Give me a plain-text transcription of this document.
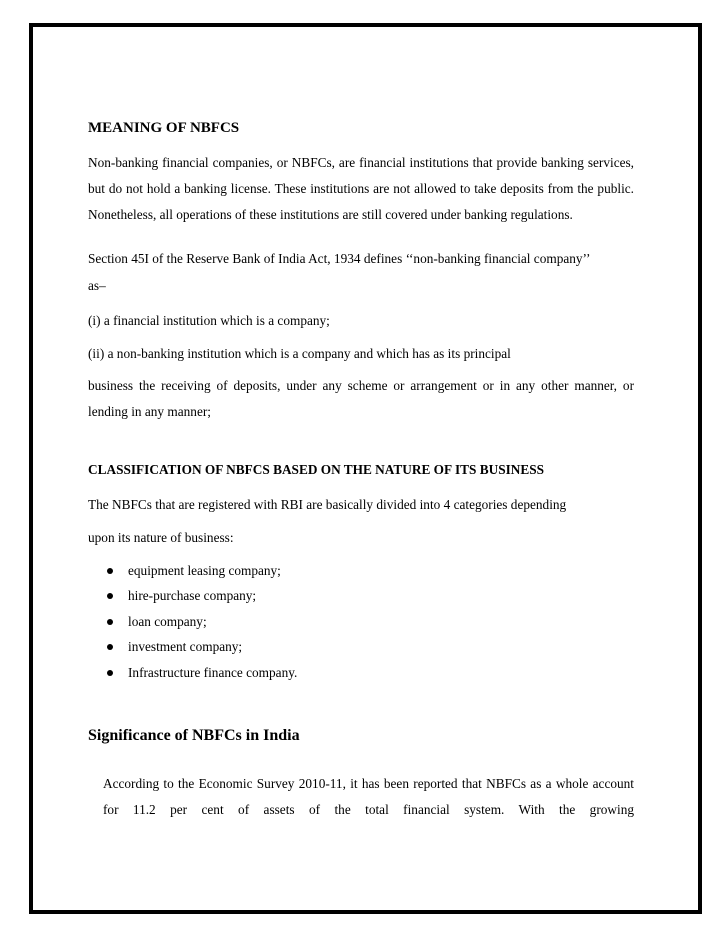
MEANING OF NBFCS

Non-banking financial companies, or NBFCs, are financial institutions that provide banking services, but do not hold a banking license. These institutions are not allowed to take deposits from the public. Nonetheless, all operations of these institutions are still covered under banking regulations.

Section 45I of the Reserve Bank of India Act, 1934 defines ‘‘non-banking financial company’’

as–

(i) a financial institution which is a company;

(ii) a non-banking institution which is a company and which has as its principal

business the receiving of deposits, under any scheme or arrangement or in any other manner, or lending in any manner;

CLASSIFICATION OF NBFCS BASED ON THE NATURE OF ITS BUSINESS

The NBFCs that are registered with RBI are basically divided into 4 categories depending

upon its nature of business:

equipment leasing company;
hire-purchase company;
loan company;
investment company;
Infrastructure finance company.
Significance of NBFCs in India

According to the Economic Survey 2010-11, it has been reported that NBFCs as a whole account for 11.2 per cent of assets of the total financial system. With the growing
